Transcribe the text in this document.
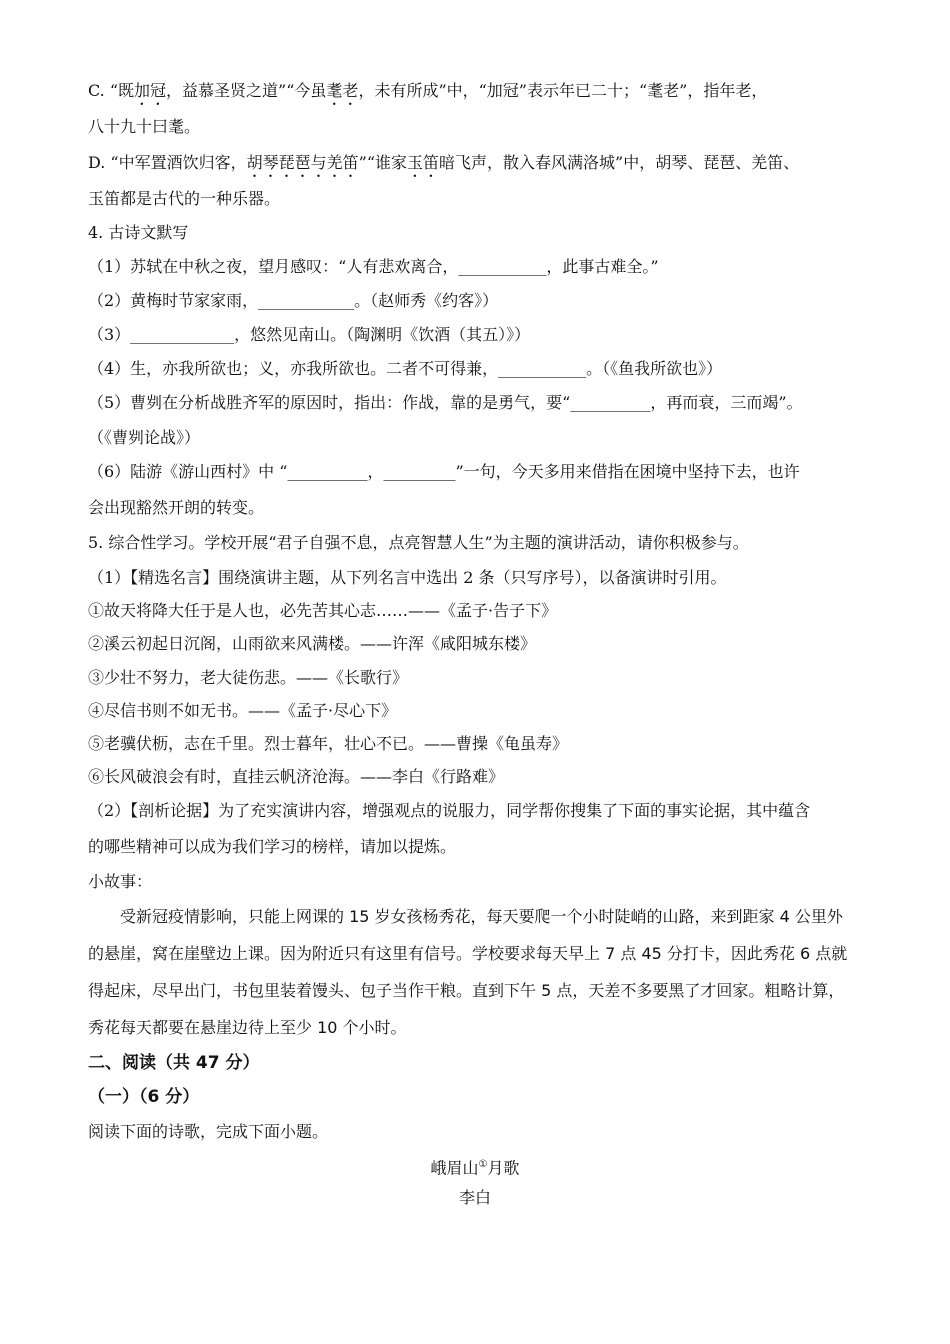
C. “既加冠，益慕圣贤之道”“今虽耄老，未有所成”中，“加冠”表示年已二十；“耄老”，指年老，
八十九十曰耄。
D. “中军置酒饮归客，胡琴琵琶与羌笛”“谁家玉笛暗飞声，散入春风满洛城”中，胡琴、琵琶、羌笛、
玉笛都是古代的一种乐器。
4. 古诗文默写
（1）苏轼在中秋之夜，望月感叹：“人有悲欢离合，___________，此事古难全。”
（2）黄梅时节家家雨，____________。（赵师秀《约客》）
（3）_____________，悠然见南山。（陶渊明《饮酒（其五）》）
（4）生，亦我所欲也；义，亦我所欲也。二者不可得兼，___________。（《鱼我所欲也》）
（5）曹刿在分析战胜齐军的原因时，指出：作战，靠的是勇气，要“__________，再而衰，三而竭”。
（《曹刿论战》）
（6）陆游《游山西村》中 “__________，_________”一句，今天多用来借指在困境中坚持下去，也许
会出现豁然开朗的转变。
5. 综合性学习。学校开展“君子自强不息，点亮智慧人生”为主题的演讲活动，请你积极参与。
（1）【精选名言】围绕演讲主题，从下列名言中选出 2 条（只写序号），以备演讲时引用。
①故天将降大任于是人也，必先苦其心志……——《孟子·告子下》
②溪云初起日沉阁，山雨欲来风满楼。——许浑《咸阳城东楼》
③少壮不努力，老大徒伤悲。——《长歌行》
④尽信书则不如无书。——《孟子·尽心下》
⑤老骥伏枥，志在千里。烈士暮年，壮心不已。——曹操《龟虽寿》
⑥长风破浪会有时，直挂云帆济沧海。——李白《行路难》
（2）【剖析论据】为了充实演讲内容，增强观点的说服力，同学帮你搜集了下面的事实论据，其中蕴含
的哪些精神可以成为我们学习的榜样，请加以提炼。
小故事：
　　受新冠疫情影响，只能上网课的 15 岁女孩杨秀花，每天要爬一个小时陡峭的山路，来到距家 4 公里外
的悬崖，窝在崖壁边上课。因为附近只有这里有信号。学校要求每天早上 7 点 45 分打卡，因此秀花 6 点就
得起床，尽早出门，书包里装着馒头、包子当作干粮。直到下午 5 点，天差不多要黑了才回家。粗略计算，
秀花每天都要在悬崖边待上至少 10 个小时。
二、阅读（共 47 分）
（一）（6 分）
阅读下面的诗歌，完成下面小题。
峨眉山①月歌
李白
